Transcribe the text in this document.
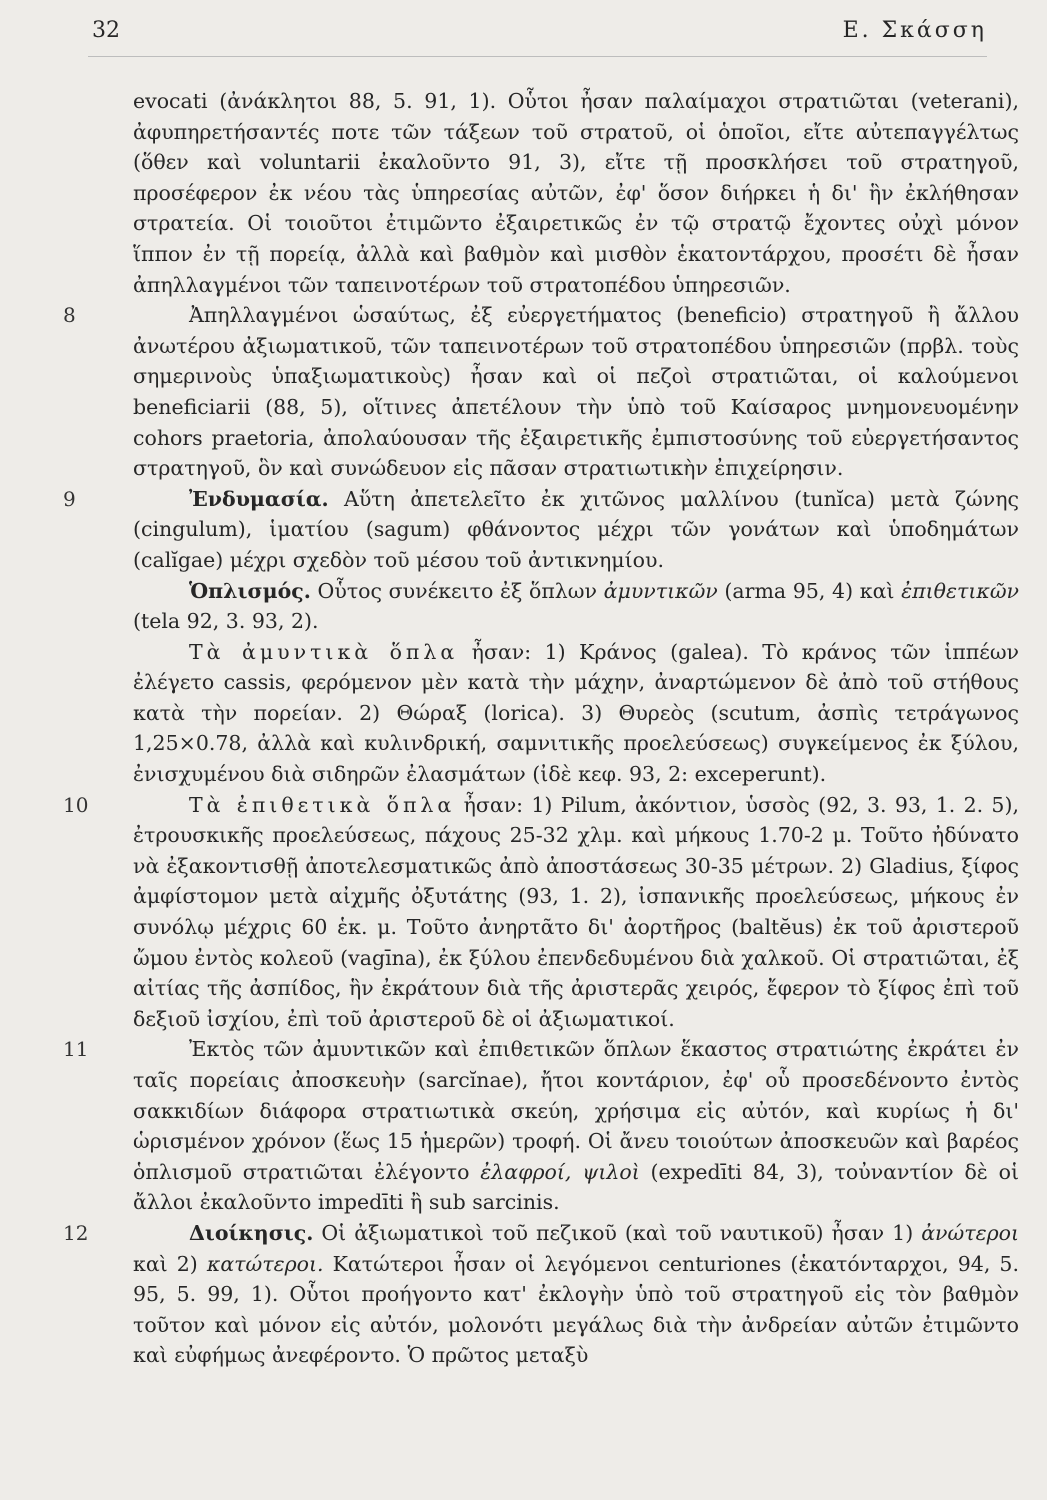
32	Ε. Σκάσση

evocati (ἀνάκλητοι 88, 5. 91, 1). Οὗτοι ἦσαν παλαίμαχοι στρατιῶται (veterani), ἀφυπηρετήσαντές ποτε τῶν τάξεων τοῦ στρατοῦ, οἱ ὁποῖοι, εἴτε αὐτεπαγγέλτως (ὅθεν καὶ voluntarii ἐκαλοῦντο 91, 3), εἴτε τῇ προσκλήσει τοῦ στρατηγοῦ, προσέφερον ἐκ νέου τὰς ὑπηρεσίας αὐτῶν, ἐφ' ὅσον διήρκει ἡ δι' ἣν ἐκλήθησαν στρατεία. Οἱ τοιοῦτοι ἐτιμῶντο ἐξαιρετικῶς ἐν τῷ στρατῷ ἔχοντες οὐχὶ μόνον ἵππον ἐν τῇ πορείᾳ, ἀλλὰ καὶ βαθμὸν καὶ μισθὸν ἑκατοντάρχου, προσέτι δὲ ἦσαν ἀπηλλαγμένοι τῶν ταπεινοτέρων τοῦ στρατοπέδου ὑπηρεσιῶν.

8	Ἀπηλλαγμένοι ὡσαύτως, ἐξ εὐεργετήματος (beneficio) στρατηγοῦ ἢ ἄλλου ἀνωτέρου ἀξιωματικοῦ, τῶν ταπεινοτέρων τοῦ στρατοπέδου ὑπηρεσιῶν (πρβλ. τοὺς σημερινοὺς ὑπαξιωματικοὺς) ἦσαν καὶ οἱ πεζοὶ στρατιῶται, οἱ καλούμενοι beneficiarii (88, 5), οἵτινες ἀπετέλουν τὴν ὑπὸ τοῦ Καίσαρος μνημονευομένην cohors praetoria, ἀπολαύουσαν τῆς ἐξαιρετικῆς ἐμπιστοσύνης τοῦ εὐεργετήσαντος στρατηγοῦ, ὃν καὶ συνώδευον εἰς πᾶσαν στρατιωτικὴν ἐπιχείρησιν.

9	Ἐνδυμασία. Αὕτη ἀπετελεῖτο ἐκ χιτῶνος μαλλίνου (tunĭca) μετὰ ζώνης (cingulum), ἱματίου (sagum) φθάνοντος μέχρι τῶν γονάτων καὶ ὑποδημάτων (calĭgae) μέχρι σχεδὸν τοῦ μέσου τοῦ ἀντικνημίου.

Ὁπλισμός. Οὗτος συνέκειτο ἐξ ὅπλων ἀμυντικῶν (arma 95, 4) καὶ ἐπιθετικῶν (tela 92, 3. 93, 2).

Τὰ ἀμυντικὰ ὅπλα ἦσαν: 1) Κράνος (galea). Τὸ κράνος τῶν ἱππέων ἐλέγετο cassis, φερόμενον μὲν κατὰ τὴν μάχην, ἀναρτώμενον δὲ ἀπὸ τοῦ στήθους κατὰ τὴν πορείαν. 2) Θώραξ (lorica). 3) Θυρεὸς (scutum, ἀσπὶς τετράγωνος 1,25×0.78, ἀλλὰ καὶ κυλινδρική, σαμνιτικῆς προελεύσεως) συγκείμενος ἐκ ξύλου, ἐνισχυμένου διὰ σιδηρῶν ἐλασμάτων (ἰδὲ κεφ. 93, 2: excеperunt).

10	Τὰ ἐπιθετικὰ ὅπλα ἦσαν: 1) Pilum, ἀκόντιον, ὑσσὸς (92, 3. 93, 1. 2. 5), ἐτρουσκικῆς προελεύσεως, πάχους 25-32 χλμ. καὶ μήκους 1.70-2 μ. Τοῦτο ἠδύνατο νὰ ἐξακοντισθῇ ἀποτελεσματικῶς ἀπὸ ἀποστάσεως 30-35 μέτρων. 2) Gladius, ξίφος ἀμφίστομον μετὰ αἰχμῆς ὀξυτάτης (93, 1. 2), ἰσπανικῆς προελεύσεως, μήκους ἐν συνόλῳ μέχρις 60 ἑκ. μ. Τοῦτο ἀνηρτᾶτο δι' ἀορτῆρος (baltĕus) ἐκ τοῦ ἀριστεροῦ ὤμου ἐντὸς κολεοῦ (vagīna), ἐκ ξύλου ἐπενδεδυμένου διὰ χαλκοῦ. Οἱ στρατιῶται, ἐξ αἰτίας τῆς ἀσπίδος, ἣν ἐκράτουν διὰ τῆς ἀριστερᾶς χειρός, ἔφερον τὸ ξίφος ἐπὶ τοῦ δεξιοῦ ἰσχίου, ἐπὶ τοῦ ἀριστεροῦ δὲ οἱ ἀξιωματικοί.

11	Ἐκτὸς τῶν ἀμυντικῶν καὶ ἐπιθετικῶν ὅπλων ἕκαστος στρατιώτης ἐκράτει ἐν ταῖς πορείαις ἀποσκευὴν (sarcĭnae), ἤτοι κοντάριον, ἐφ' οὗ προσεδένοντο ἐντὸς σακκιδίων διάφορα στρατιωτικὰ σκεύη, χρήσιμα εἰς αὐτόν, καὶ κυρίως ἡ δι' ὡρισμένον χρόνον (ἕως 15 ἡμερῶν) τροφή. Οἱ ἄνευ τοιούτων ἀποσκευῶν καὶ βαρέος ὁπλισμοῦ στρατιῶται ἐλέγοντο ἐλαφροί, ψιλοὶ (expedīti 84, 3), τοὐναντίον δὲ οἱ ἄλλοι ἐκαλοῦντο impedīti ἢ sub sarcinis.

12	Διοίκησις. Οἱ ἀξιωματικοὶ τοῦ πεζικοῦ (καὶ τοῦ ναυτικοῦ) ἦσαν 1) ἀνώτεροι καὶ 2) κατώτεροι. Κατώτεροι ἦσαν οἱ λεγόμενοι centuriones (ἑκατόνταρχοι, 94, 5. 95, 5. 99, 1). Οὗτοι προήγοντο κατ' ἐκλογὴν ὑπὸ τοῦ στρατηγοῦ εἰς τὸν βαθμὸν τοῦτον καὶ μόνον εἰς αὐτόν, μολονότι μεγάλως διὰ τὴν ἀνδρείαν αὐτῶν ἐτιμῶντο καὶ εὐφήμως ἀνεφέροντο. Ὁ πρῶτος μεταξὺ
